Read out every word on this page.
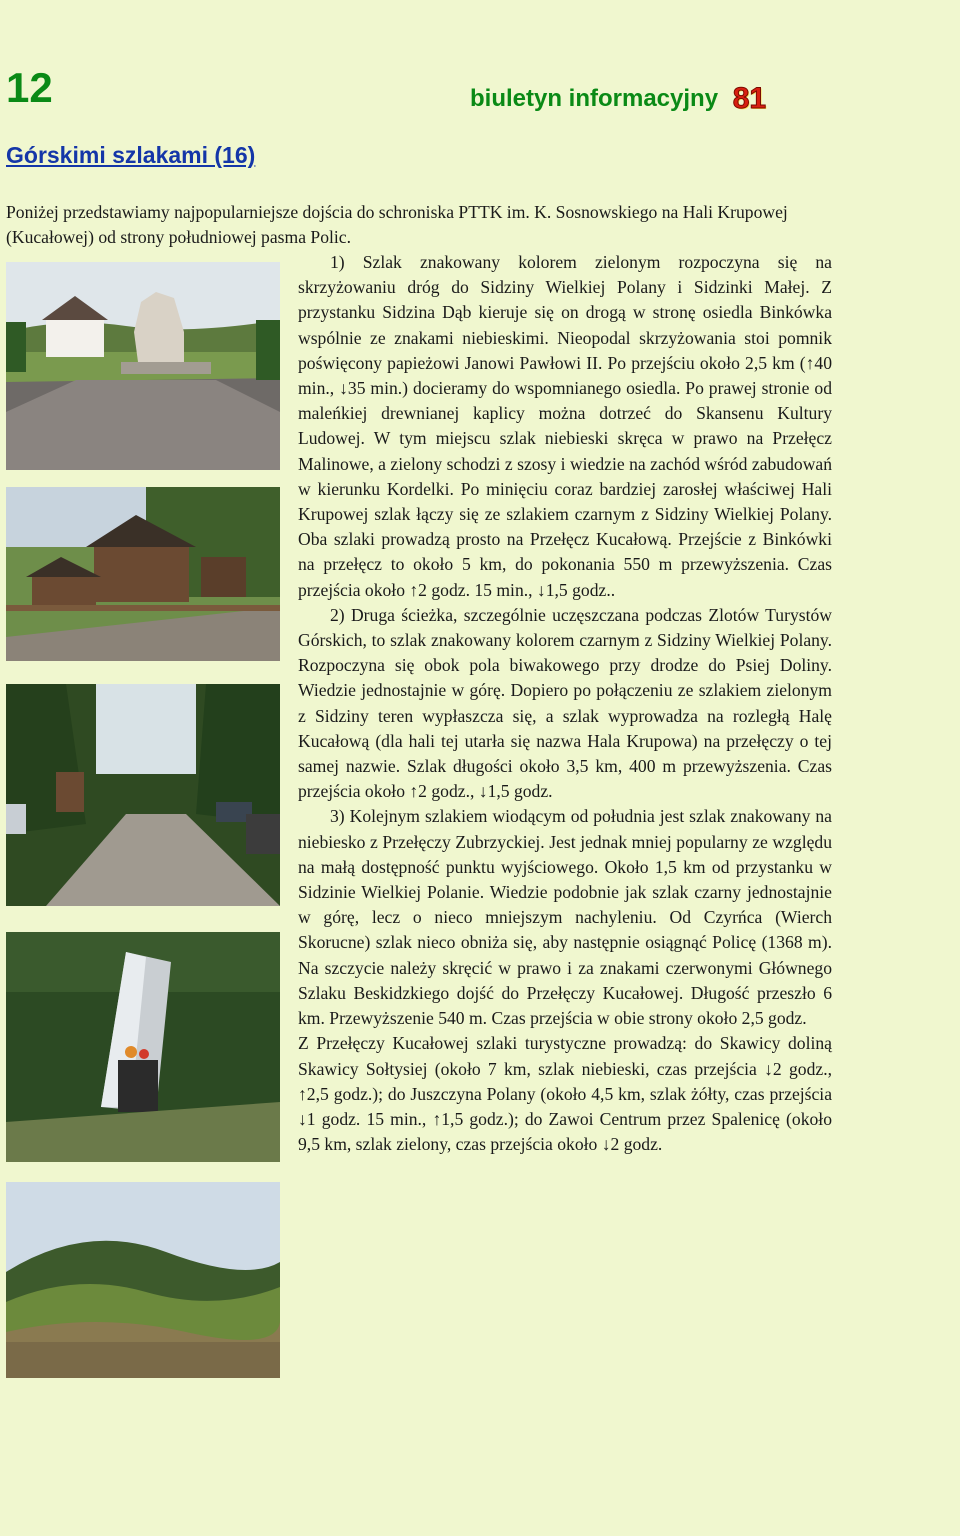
12	biuletyn informacyjny 81
Górskimi szlakami (16)
Poniżej przedstawiamy najpopularniejsze dojścia do schroniska PTTK im. K. Sosnowskiego na Hali Krupowej (Kucałowej) od strony południowej pasma Polic.

1) Szlak znakowany kolorem zielonym rozpoczyna się na skrzyżowaniu dróg do Sidziny Wielkiej Polany i Sidzinki Małej. Z przystanku Sidzina Dąb kieruje się on drogą w stronę osiedla Binkówka wspólnie ze znakami niebieskimi. Nieopodal skrzyżowania stoi pomnik poświęcony papieżowi Janowi Pawłowi II. Po przejściu około 2,5 km (↑40 min., ↓35 min.) docieramy do wspomnianego osiedla. Po prawej stronie od maleńkiej drewnianej kaplicy można dotrzeć do Skansenu Kultury Ludowej. W tym miejscu szlak niebieski skręca w prawo na Przełęcz Malinowe, a zielony schodzi z szosy i wiedzie na zachód wśród zabudowań w kierunku Kordelki. Po minięciu coraz bardziej zarosłej właściwej Hali Krupowej szlak łączy się ze szlakiem czarnym z Sidziny Wielkiej Polany. Oba szlaki prowadzą prosto na Przełęcz Kucałową. Przejście z Binkówki na przełęcz to około 5 km, do pokonania 550 m przewyższenia. Czas przejścia około ↑2 godz. 15 min., ↓1,5 godz..

2) Druga ścieżka, szczególnie uczęszczana podczas Zlotów Turystów Górskich, to szlak znakowany kolorem czarnym z Sidziny Wielkiej Polany. Rozpoczyna się obok pola biwakowego przy drodze do Psiej Doliny. Wiedzie jednostajnie w górę. Dopiero po połączeniu ze szlakiem zielonym z Sidziny teren wypłaszcza się, a szlak wyprowadza na rozległą Halę Kucałową (dla hali tej utarła się nazwa Hala Krupowa) na przełęczy o tej samej nazwie. Szlak długości około 3,5 km, 400 m przewyższenia. Czas przejścia około ↑2 godz., ↓1,5 godz.

3) Kolejnym szlakiem wiodącym od południa jest szlak znakowany na niebiesko z Przełęczy Zubrzyckiej. Jest jednak mniej popularny ze względu na małą dostępność punktu wyjściowego. Około 1,5 km od przystanku w Sidzinie Wielkiej Polanie. Wiedzie podobnie jak szlak czarny jednostajnie w górę, lecz o nieco mniejszym nachyleniu. Od Czyrńca (Wierch Skorucne) szlak nieco obniża się, aby następnie osiągnąć Policę (1368 m). Na szczycie należy skręcić w prawo i za znakami czerwonymi Głównego Szlaku Beskidzkiego dojść do Przełęczy Kucałowej. Długość przeszło 6 km. Przewyższenie 540 m. Czas przejścia w obie strony około 2,5 godz.

Z Przełęczy Kucałowej szlaki turystyczne prowadzą: do Skawicy doliną Skawicy Sołtysiej (około 7 km, szlak niebieski, czas przejścia ↓2 godz., ↑2,5 godz.); do Juszczyna Polany (około 4,5 km, szlak żółty, czas przejścia ↓1 godz. 15 min., ↑1,5 godz.); do Zawoi Centrum przez Spalenicę (około 9,5 km, szlak zielony, czas przejścia około ↓2 godz.
